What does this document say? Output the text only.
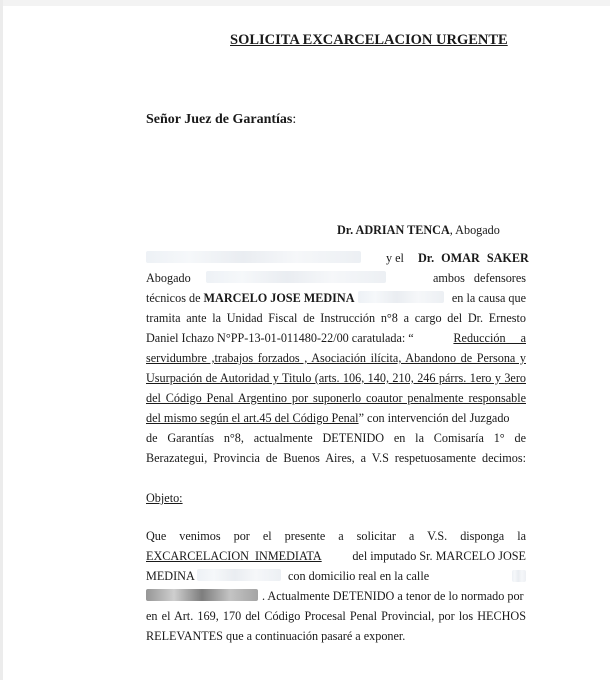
SOLICITA EXCARCELACION URGENTE
Señor Juez de Garantías:
Dr. ADRIAN TENCA, Abogado
y el Dr. OMAR SAKER
Abogado	ambos defensores
técnicos de MARCELO JOSE MEDINA	en la causa que
tramita ante la Unidad Fiscal de Instrucción n°8 a cargo del Dr. Ernesto
Daniel Ichazo N°PP-13-01-011480-22/00 caratulada: “	Reducción a
servidumbre ,trabajos forzados , Asociación ilícita, Abandono de Persona y
Usurpación de Autoridad y Titulo (arts. 106, 140, 210, 246 párrs. 1ero y 3ero
del Código Penal Argentino por suponerlo coautor penalmente responsable
del mismo según el art.45 del Código Penal” con intervención del Juzgado
de Garantías n°8, actualmente DETENIDO en la Comisaría 1° de
Berazategui, Provincia de Buenos Aires, a V.S respetuosamente decimos:
Objeto:
Que venimos por el presente a solicitar a V.S. disponga la
EXCARCELACION INMEDIATA	del imputado Sr. MARCELO JOSE
MEDINA	con domicilio real en la calle
. Actualmente DETENIDO a tenor de lo normado por
en el Art. 169, 170 del Código Procesal Penal Provincial, por los HECHOS
RELEVANTES que a continuación pasaré a exponer.
